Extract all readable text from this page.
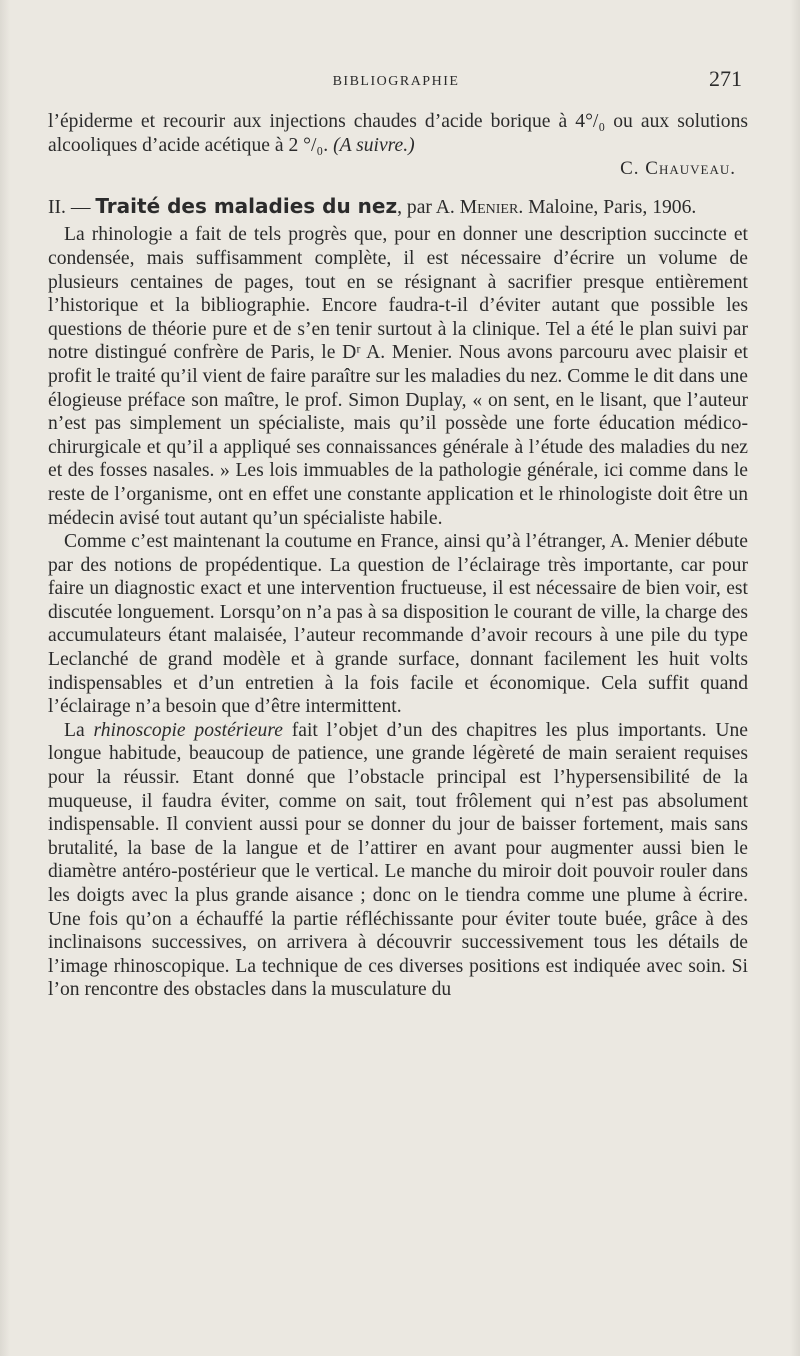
BIBLIOGRAPHIE	271

l’épiderme et recourir aux injections chaudes d’acide borique à 4°/₀ ou aux solutions alcooliques d’acide acétique à 2 °/₀. (A suivre.)

C. Chauveau.

II. — Traité des maladies du nez, par A. Menier. Maloine, Paris, 1906.

La rhinologie a fait de tels progrès que, pour en donner une description succincte et condensée, mais suffisamment complète, il est nécessaire d’écrire un volume de plusieurs centaines de pages, tout en se résignant à sacrifier presque entièrement l’historique et la bibliographie. Encore faudra-t-il d’éviter autant que possible les questions de théorie pure et de s’en tenir surtout à la clinique. Tel a été le plan suivi par notre distingué confrère de Paris, le Dʳ A. Menier. Nous avons parcouru avec plaisir et profit le traité qu’il vient de faire paraître sur les maladies du nez. Comme le dit dans une élogieuse préface son maître, le prof. Simon Duplay, « on sent, en le lisant, que l’auteur n’est pas simplement un spécialiste, mais qu’il possède une forte éducation médico-chirurgicale et qu’il a appliqué ses connaissances générale à l’étude des maladies du nez et des fosses nasales. » Les lois immuables de la pathologie générale, ici comme dans le reste de l’organisme, ont en effet une constante application et le rhinologiste doit être un médecin avisé tout autant qu’un spécialiste habile.

Comme c’est maintenant la coutume en France, ainsi qu’à l’étranger, A. Menier débute par des notions de propédentique. La question de l’éclairage très importante, car pour faire un diagnostic exact et une intervention fructueuse, il est nécessaire de bien voir, est discutée longuement. Lorsqu’on n’a pas à sa disposition le courant de ville, la charge des accumulateurs étant malaisée, l’auteur recommande d’avoir recours à une pile du type Leclanché de grand modèle et à grande surface, donnant facilement les huit volts indispensables et d’un entretien à la fois facile et économique. Cela suffit quand l’éclairage n’a besoin que d’être intermittent.

La rhinoscopie postérieure fait l’objet d’un des chapitres les plus importants. Une longue habitude, beaucoup de patience, une grande légèreté de main seraient requises pour la réussir. Etant donné que l’obstacle principal est l’hypersensibilité de la muqueuse, il faudra éviter, comme on sait, tout frôlement qui n’est pas absolument indispensable. Il convient aussi pour se donner du jour de baisser fortement, mais sans brutalité, la base de la langue et de l’attirer en avant pour augmenter aussi bien le diamètre antéro-postérieur que le vertical. Le manche du miroir doit pouvoir rouler dans les doigts avec la plus grande aisance ; donc on le tiendra comme une plume à écrire. Une fois qu’on a échauffé la partie réfléchissante pour éviter toute buée, grâce à des inclinaisons successives, on arrivera à découvrir successivement tous les détails de l’image rhinoscopique. La technique de ces diverses positions est indiquée avec soin. Si l’on rencontre des obstacles dans la musculature du
